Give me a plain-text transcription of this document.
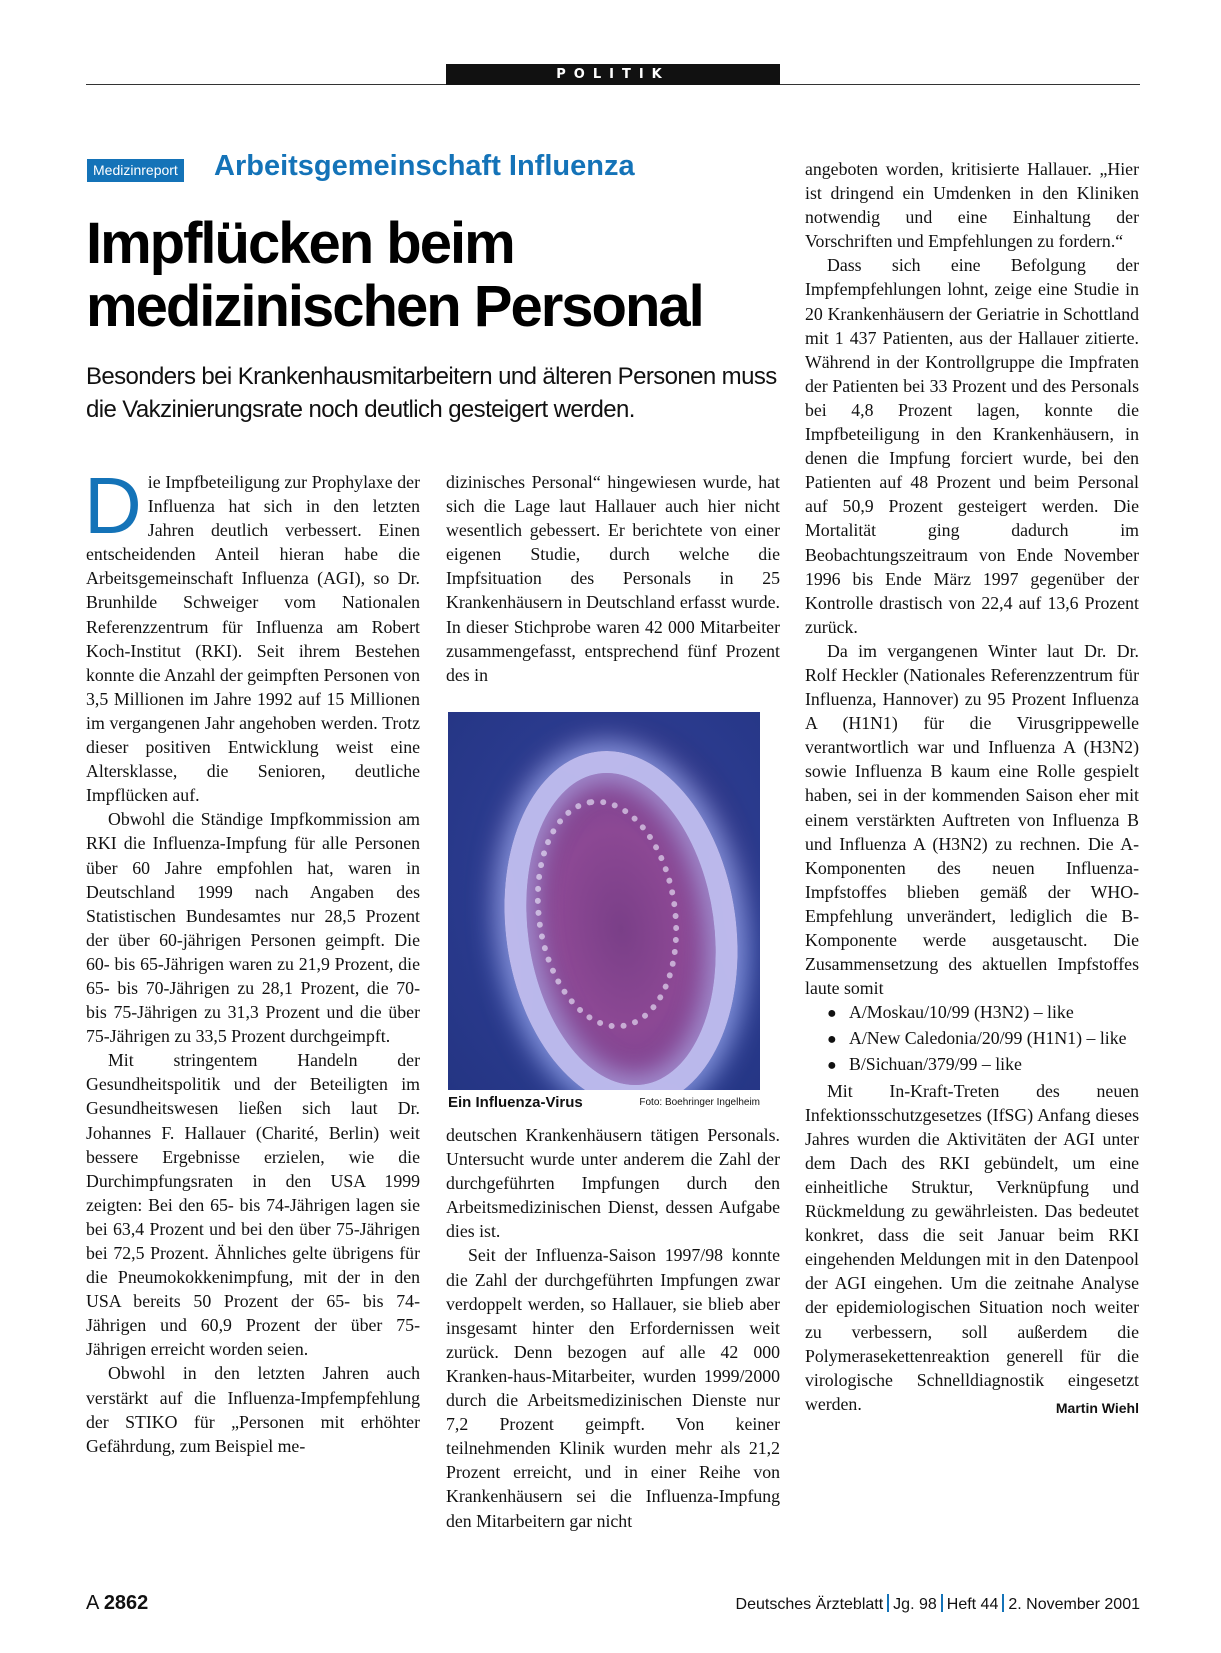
POLITIK
Medizinreport Arbeitsgemeinschaft Influenza
Impflücken beim medizinischen Personal

Besonders bei Krankenhausmitarbeitern und älteren Personen muss die Vakzinierungsrate noch deutlich gesteigert werden.

Die Impfbeteiligung zur Prophylaxe der Influenza hat sich in den letzten Jahren deutlich verbessert. Einen entscheidenden Anteil hieran habe die Arbeitsgemeinschaft Influenza (AGI), so Dr. Brunhilde Schweiger vom Nationalen Referenzzentrum für Influenza am Robert Koch-Institut (RKI). Seit ihrem Bestehen konnte die Anzahl der geimpften Personen von 3,5 Millionen im Jahre 1992 auf 15 Millionen im vergangenen Jahr angehoben werden. Trotz dieser positiven Entwicklung weist eine Altersklasse, die Senioren, deutliche Impflücken auf.

Obwohl die Ständige Impfkommission am RKI die Influenza-Impfung für alle Personen über 60 Jahre empfohlen hat, waren in Deutschland 1999 nach Angaben des Statistischen Bundesamtes nur 28,5 Prozent der über 60-jährigen Personen geimpft. Die 60- bis 65-Jährigen waren zu 21,9 Prozent, die 65- bis 70-Jährigen zu 28,1 Prozent, die 70- bis 75-Jährigen zu 31,3 Prozent und die über 75-Jährigen zu 33,5 Prozent durchgeimpft.

Mit stringentem Handeln der Gesundheitspolitik und der Beteiligten im Gesundheitswesen ließen sich laut Dr. Johannes F. Hallauer (Charité, Berlin) weit bessere Ergebnisse erzielen, wie die Durchimpfungsraten in den USA 1999 zeigten: Bei den 65- bis 74-Jährigen lagen sie bei 63,4 Prozent und bei den über 75-Jährigen bei 72,5 Prozent. Ähnliches gelte übrigens für die Pneumokokkenimpfung, mit der in den USA bereits 50 Prozent der 65- bis 74-Jährigen und 60,9 Prozent der über 75-Jährigen erreicht worden seien.

Obwohl in den letzten Jahren auch verstärkt auf die Influenza-Impfempfehlung der STIKO für „Personen mit erhöhter Gefährdung, zum Beispiel me-

dizinisches Personal“ hingewiesen wurde, hat sich die Lage laut Hallauer auch hier nicht wesentlich gebessert. Er berichtete von einer eigenen Studie, durch welche die Impfsituation des Personals in 25 Krankenhäusern in Deutschland erfasst wurde. In dieser Stichprobe waren 42 000 Mitarbeiter zusammengefasst, entsprechend fünf Prozent des in

Ein Influenza-Virus	Foto: Boehringer Ingelheim

deutschen Krankenhäusern tätigen Personals. Untersucht wurde unter anderem die Zahl der durchgeführten Impfungen durch den Arbeitsmedizinischen Dienst, dessen Aufgabe dies ist.

Seit der Influenza-Saison 1997/98 konnte die Zahl der durchgeführten Impfungen zwar verdoppelt werden, so Hallauer, sie blieb aber insgesamt hinter den Erfordernissen weit zurück. Denn bezogen auf alle 42 000 Kranken-haus-Mitarbeiter, wurden 1999/2000 durch die Arbeitsmedizinischen Dienste nur 7,2 Prozent geimpft. Von keiner teilnehmenden Klinik wurden mehr als 21,2 Prozent erreicht, und in einer Reihe von Krankenhäusern sei die Influenza-Impfung den Mitarbeitern gar nicht

angeboten worden, kritisierte Hallauer. „Hier ist dringend ein Umdenken in den Kliniken notwendig und eine Einhaltung der Vorschriften und Empfehlungen zu fordern.“

Dass sich eine Befolgung der Impfempfehlungen lohnt, zeige eine Studie in 20 Krankenhäusern der Geriatrie in Schottland mit 1 437 Patienten, aus der Hallauer zitierte. Während in der Kontrollgruppe die Impfraten der Patienten bei 33 Prozent und des Personals bei 4,8 Prozent lagen, konnte die Impfbeteiligung in den Krankenhäusern, in denen die Impfung forciert wurde, bei den Patienten auf 48 Prozent und beim Personal auf 50,9 Prozent gesteigert werden. Die Mortalität ging dadurch im Beobachtungszeitraum von Ende November 1996 bis Ende März 1997 gegenüber der Kontrolle drastisch von 22,4 auf 13,6 Prozent zurück.

Da im vergangenen Winter laut Dr. Dr. Rolf Heckler (Nationales Referenzzentrum für Influenza, Hannover) zu 95 Prozent Influenza A (H1N1) für die Virusgrippewelle verantwortlich war und Influenza A (H3N2) sowie Influenza B kaum eine Rolle gespielt haben, sei in der kommenden Saison eher mit einem verstärkten Auftreten von Influenza B und Influenza A (H3N2) zu rechnen. Die A-Komponenten des neuen Influenza-Impfstoffes blieben gemäß der WHO-Empfehlung unverändert, lediglich die B-Komponente werde ausgetauscht. Die Zusammensetzung des aktuellen Impfstoffes laute somit

● A/Moskau/10/99 (H3N2) – like
● A/New Caledonia/20/99 (H1N1) – like
● B/Sichuan/379/99 – like

Mit In-Kraft-Treten des neuen Infektionsschutzgesetzes (IfSG) Anfang dieses Jahres wurden die Aktivitäten der AGI unter dem Dach des RKI gebündelt, um eine einheitliche Struktur, Verknüpfung und Rückmeldung zu gewährleisten. Das bedeutet konkret, dass die seit Januar beim RKI eingehenden Meldungen mit in den Datenpool der AGI eingehen. Um die zeitnahe Analyse der epidemiologischen Situation noch weiter zu verbessern, soll außerdem die Polymerasekettenreaktion generell für die virologische Schnelldiagnostik eingesetzt werden.	Martin Wiehl

A 2862	Deutsches Ärzteblatt Jg. 98 Heft 44 2. November 2001
